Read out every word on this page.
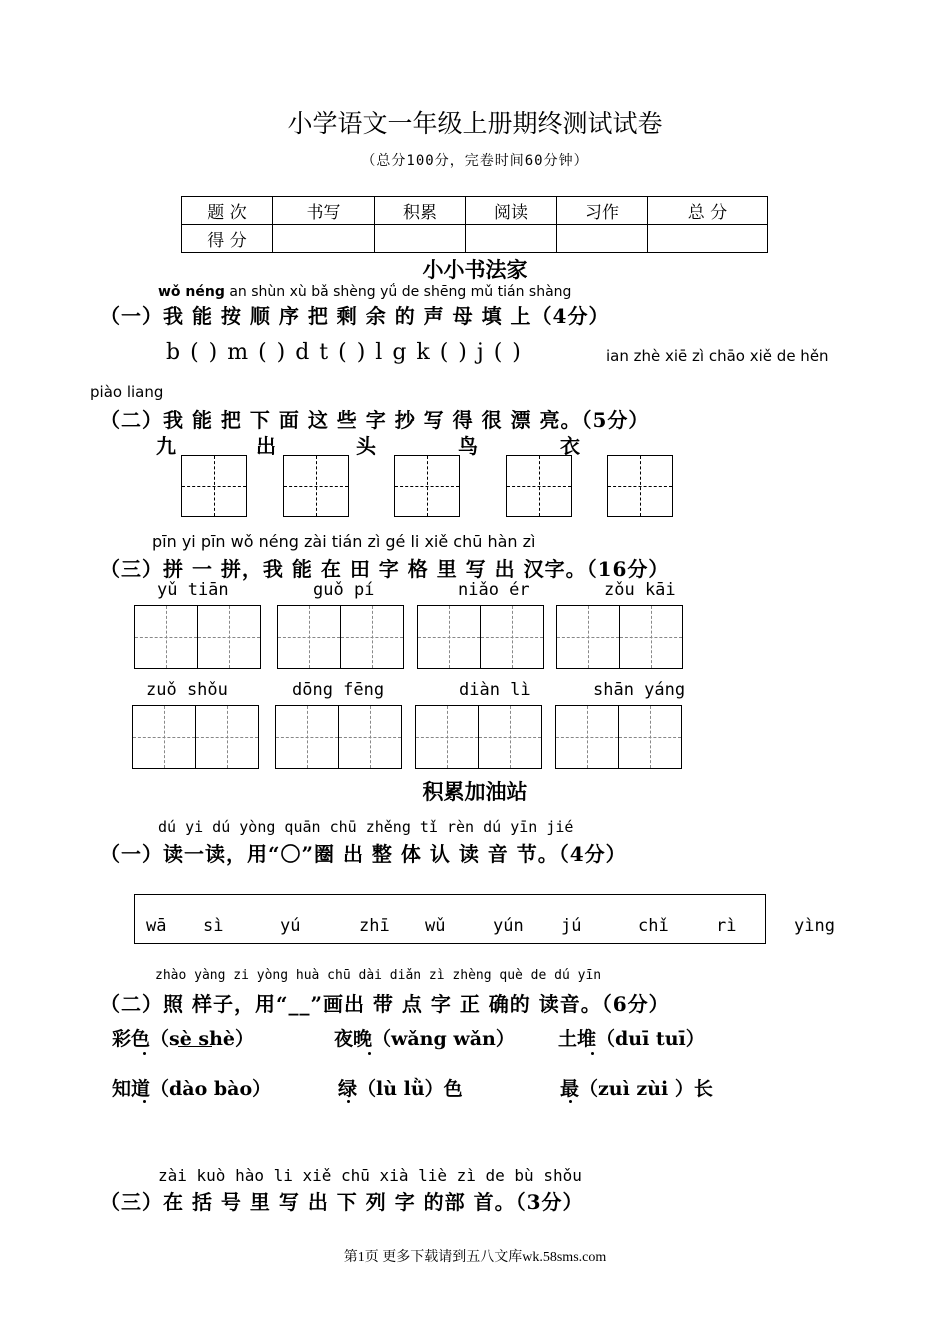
小学语文一年级上册期终测试试卷
（总分100分，完卷时间60分钟）
题 次	书写	积累	阅读	习作	总 分
得 分					
小小书法家
wǒ néng an shùn xù bǎ shèng yǘ de shēng mǔ tián shàng
（一）我 能 按 顺 序 把 剩 余 的 声 母 填 上（4分）
b ( ) m ( ) d t ( ) l g k ( ) j ( )	ian zhè xiē zì chāo xiě de hěn
piào liang
（二）我 能 把 下 面 这 些 字 抄 写 得 很 漂 亮。（5分）
九	出	头	鸟	衣
pīn yi pīn wǒ néng zài tián zì gé li xiě chū hàn zì
（三）拼 一 拼，我 能 在 田 字 格 里 写 出 汉字。（16分）
yǔ tiān	guǒ pí	niǎo ér	zǒu kāi
zuǒ shǒu	dōng fēng	diàn lì	shān yáng
积累加油站
dú yi dú yòng quān chū zhěng tǐ rèn dú yīn jié
（一）读一读，用“〇”圈 出 整 体 认 读 音 节。（4分）
wā sì	yú	zhī wǔ	yún jú	chǐ	rì	yìng
zhào yàng zi yòng huà chū dài diǎn zì zhèng què de dú yīn
（二）照 样子，用“__”画出 带 点 字 正 确的 读音。（6分）
彩色（sè shè）	夜晚（wǎng wǎn） 土堆（duī tuī）
知道（dào bào）	绿（lù lǜ）色	最（zuì zùi ）长
zài kuò hào li xiě chū xià liè zì de bù shǒu
（三）在 括 号 里 写 出 下 列 字 的部 首。（3分）
第1页 更多下载请到五八文库wk.58sms.com
